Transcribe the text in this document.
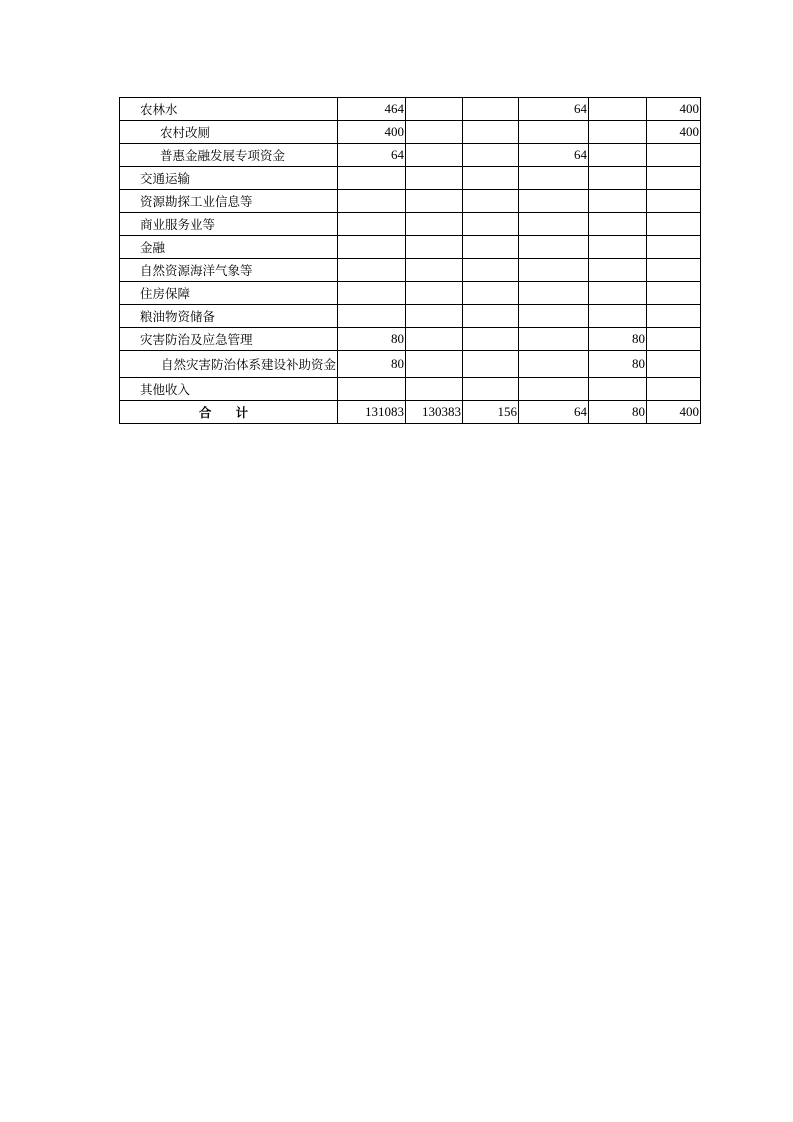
农林水	464			64		400
农村改厕	400					400
普惠金融发展专项资金	64			64		
交通运输						
资源勘探工业信息等						
商业服务业等						
金融						
自然资源海洋气象等						
住房保障						
粮油物资储备						
灾害防治及应急管理	80				80	
自然灾害防治体系建设补助资金	80				80	
其他收入						
合 计	131083	130383	156	64	80	400
